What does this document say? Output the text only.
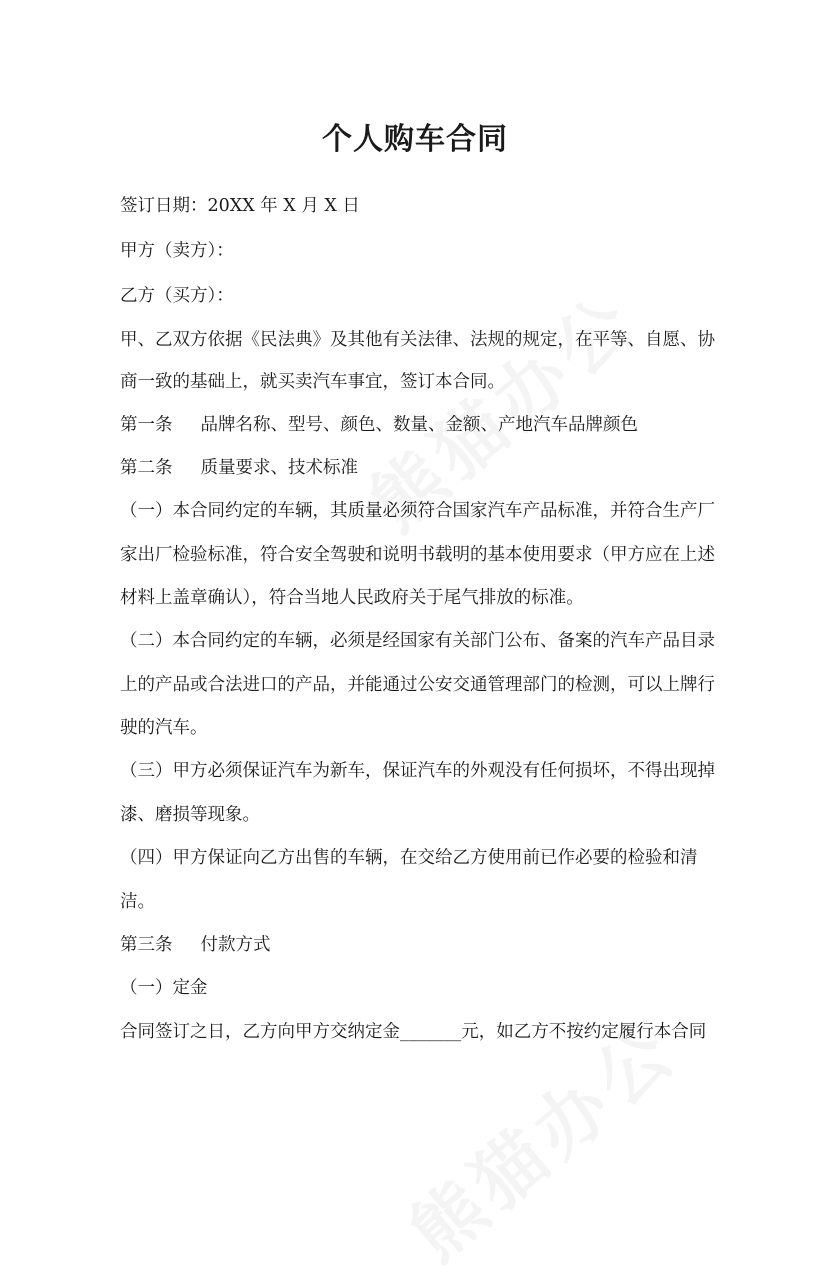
个人购车合同
签订日期：20XX 年 X 月 X 日
甲方（卖方）：
乙方（买方）：
甲、乙双方依据《民法典》及其他有关法律、法规的规定，在平等、自愿、协
商一致的基础上，就买卖汽车事宜，签订本合同。
第一条 品牌名称、型号、颜色、数量、金额、产地汽车品牌颜色
第二条 质量要求、技术标准
（一）本合同约定的车辆，其质量必须符合国家汽车产品标准，并符合生产厂
家出厂检验标准，符合安全驾驶和说明书载明的基本使用要求（甲方应在上述
材料上盖章确认），符合当地人民政府关于尾气排放的标准。
（二）本合同约定的车辆，必须是经国家有关部门公布、备案的汽车产品目录
上的产品或合法进口的产品，并能通过公安交通管理部门的检测，可以上牌行
驶的汽车。
（三）甲方必须保证汽车为新车，保证汽车的外观没有任何损坏，不得出现掉
漆、磨损等现象。
（四）甲方保证向乙方出售的车辆，在交给乙方使用前已作必要的检验和清
洁。
第三条 付款方式
（一）定金
合同签订之日，乙方向甲方交纳定金_______元，如乙方不按约定履行本合同
